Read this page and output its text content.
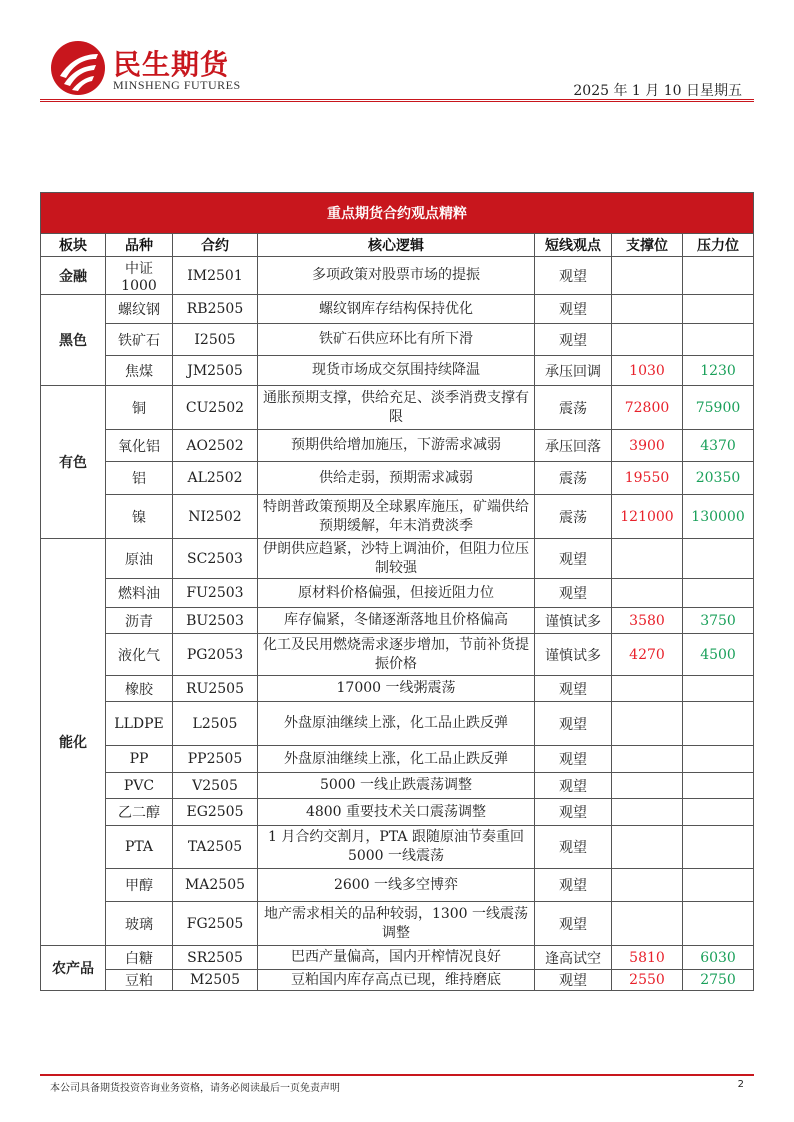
民生期货
MINSHENG FUTURES	2025 年 1 月 10 日星期五
重点期货合约观点精粹						
板块	品种	合约	核心逻辑	短线观点	支撑位	压力位
金融	中证1000	IM2501	多项政策对股票市场的提振	观望		
黑色	螺纹钢	RB2505	螺纹钢库存结构保持优化	观望		
	铁矿石	I2505	铁矿石供应环比有所下滑	观望		
	焦煤	JM2505	现货市场成交氛围持续降温	承压回调	1030	1230
有色	铜	CU2502	通胀预期支撑，供给充足、淡季消费支撑有限	震荡	72800	75900
	氧化铝	AO2502	预期供给增加施压，下游需求减弱	承压回落	3900	4370
	铝	AL2502	供给走弱，预期需求减弱	震荡	19550	20350
	镍	NI2502	特朗普政策预期及全球累库施压，矿端供给预期缓解，年末消费淡季	震荡	121000	130000
能化	原油	SC2503	伊朗供应趋紧，沙特上调油价，但阻力位压制较强	观望		
	燃料油	FU2503	原材料价格偏强，但接近阻力位	观望		
	沥青	BU2503	库存偏紧，冬储逐渐落地且价格偏高	谨慎试多	3580	3750
	液化气	PG2053	化工及民用燃烧需求逐步增加，节前补货提振价格	谨慎试多	4270	4500
	橡胶	RU2505	17000 一线粥震荡	观望		
	LLDPE	L2505	外盘原油继续上涨，化工品止跌反弹	观望		
	PP	PP2505	外盘原油继续上涨，化工品止跌反弹	观望		
	PVC	V2505	5000 一线止跌震荡调整	观望		
	乙二醇	EG2505	4800 重要技术关口震荡调整	观望		
	PTA	TA2505	1 月合约交割月，PTA 跟随原油节奏重回 5000 一线震荡	观望		
	甲醇	MA2505	2600 一线多空博弈	观望		
	玻璃	FG2505	地产需求相关的品种较弱，1300 一线震荡调整	观望		
农产品	白糖	SR2505	巴西产量偏高，国内开榨情况良好	逢高试空	5810	6030
	豆粕	M2505	豆粕国内库存高点已现，维持磨底	观望	2550	2750
本公司具备期货投资咨询业务资格，请务必阅读最后一页免责声明	2
